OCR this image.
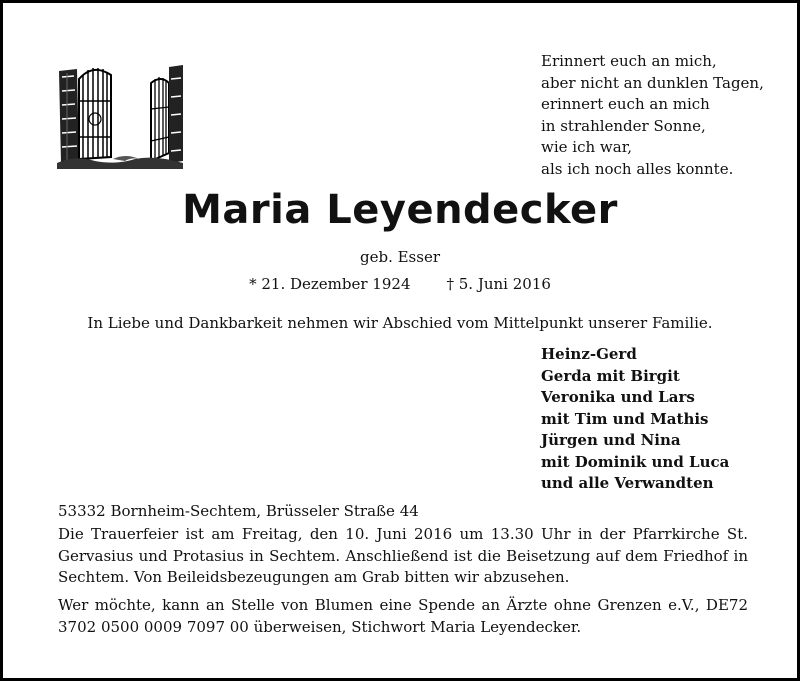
Erinnert euch an mich,
aber nicht an dunklen Tagen,
erinnert euch an mich
in strahlender Sonne,
wie ich war,
als ich noch alles konnte.
Maria Leyendecker
geb. Esser
* 21. Dezember 1924 † 5. Juni 2016
In Liebe und Dankbarkeit nehmen wir Abschied vom Mittelpunkt unserer Familie.
Heinz-Gerd
Gerda mit Birgit
Veronika und Lars
mit Tim und Mathis
Jürgen und Nina
mit Dominik und Luca
und alle Verwandten
53332 Bornheim-Sechtem, Brüsseler Straße 44
Die Trauerfeier ist am Freitag, den 10. Juni 2016 um 13.30 Uhr in der Pfarrkirche St. Gervasius und Protasius in Sechtem. Anschließend ist die Beisetzung auf dem Friedhof in Sechtem. Von Beileidsbezeugungen am Grab bitten wir abzusehen.
Wer möchte, kann an Stelle von Blumen eine Spende an Ärzte ohne Grenzen e.V., DE72 3702 0500 0009 7097 00 überweisen, Stichwort Maria Leyendecker.
